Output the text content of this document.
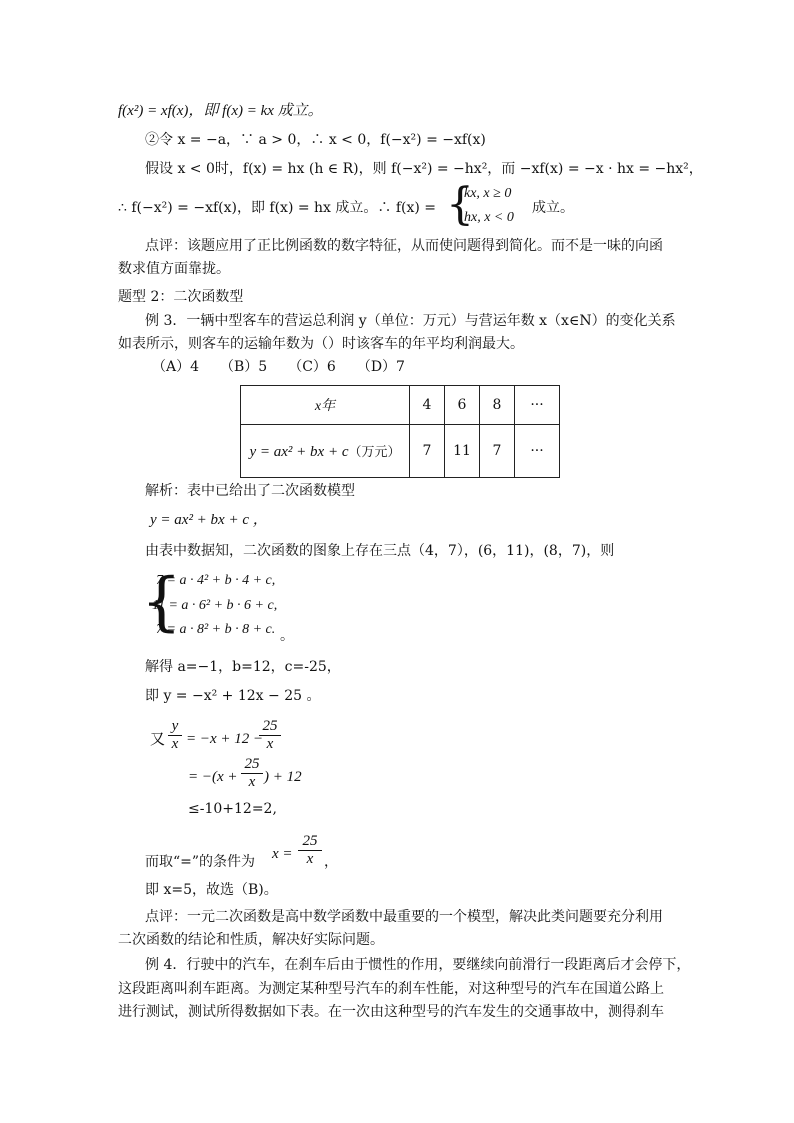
f(x²) = xf(x)，即 f(x) = kx 成立。
②令 x = −a，∵ a > 0，∴ x < 0，f(−x²) = −xf(x)
假设 x < 0时，f(x) = hx (h ∈ R)，则 f(−x²) = −hx²，而 −xf(x) = −x · hx = −hx²，
∴ f(−x²) = −xf(x)，即 f(x) = hx 成立。∴ f(x) = {
kx, x ≥ 0
hx, x < 0
成立。
点评：该题应用了正比例函数的数字特征，从而使问题得到简化。而不是一味的向函
数求值方面靠拢。
题型 2：二次函数型
例 3．一辆中型客车的营运总利润 y（单位：万元）与营运年数 x（x∈N）的变化关系
如表所示，则客车的运输年数为（）时该客车的年平均利润最大。
（A）4　　（B）5　　（C）6　　（D）7
x年	4	6	8	···
y = ax² + bx + c（万元）	7	11	7	···
解析：表中已给出了二次函数模型
y = ax² + bx + c ，
由表中数据知，二次函数的图象上存在三点（4，7），(6，11)，(8，7)，则
{
7 = a · 4² + b · 4 + c,
11 = a · 6² + b · 6 + c,
7 = a · 8² + b · 8 + c. 。
解得 a=−1，b=12，c=-25，
即 y = −x² + 12x − 25 。
又 $\frac{y}{x} = -x + 12$ −
$\frac{25}{x}$
= $-(x + \frac{25}{x}$ ) + 12
≤-10+12=2,
而取“=”的条件为 $x = \frac{25}{x}$ ，
即 x=5，故选（B)。
点评：一元二次函数是高中数学函数中最重要的一个模型，解决此类问题要充分利用
二次函数的结论和性质，解决好实际问题。
例 4．行驶中的汽车，在刹车后由于惯性的作用，要继续向前滑行一段距离后才会停下，
这段距离叫刹车距离。为测定某种型号汽车的刹车性能，对这种型号的汽车在国道公路上
进行测试，测试所得数据如下表。在一次由这种型号的汽车发生的交通事故中，测得刹车
